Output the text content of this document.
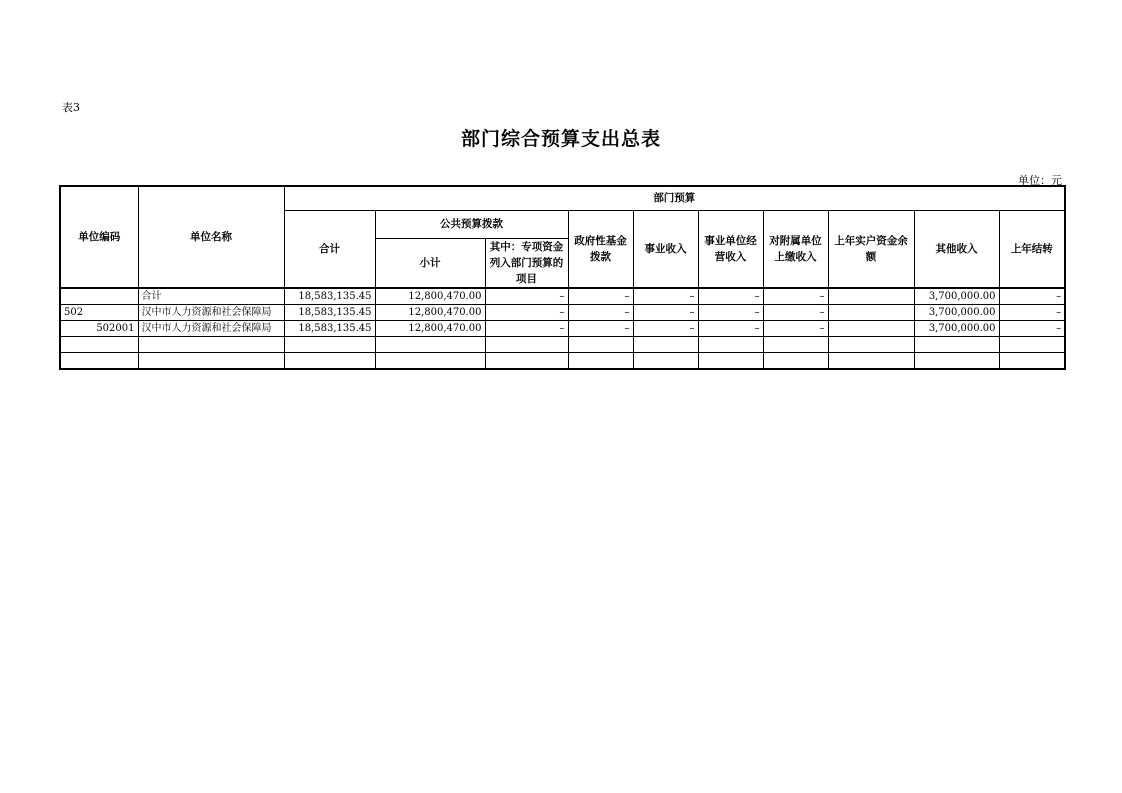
表3
部门综合预算支出总表
单位：元
单位编码	单位名称	部门预算									
		合计	公共预算拨款		政府性基金拨款	事业收入	事业单位经营收入	对附属单位上缴收入	上年实户资金余额	其他收入	上年结转
			小计	其中：专项资金列入部门预算的项目							
	合计	18,583,135.45	12,800,470.00	–	–	–	–	–		3,700,000.00	–
502	汉中市人力资源和社会保障局	18,583,135.45	12,800,470.00	–	–	–	–	–		3,700,000.00	–
502001	汉中市人力资源和社会保障局	18,583,135.45	12,800,470.00	–	–	–	–	–		3,700,000.00	–
